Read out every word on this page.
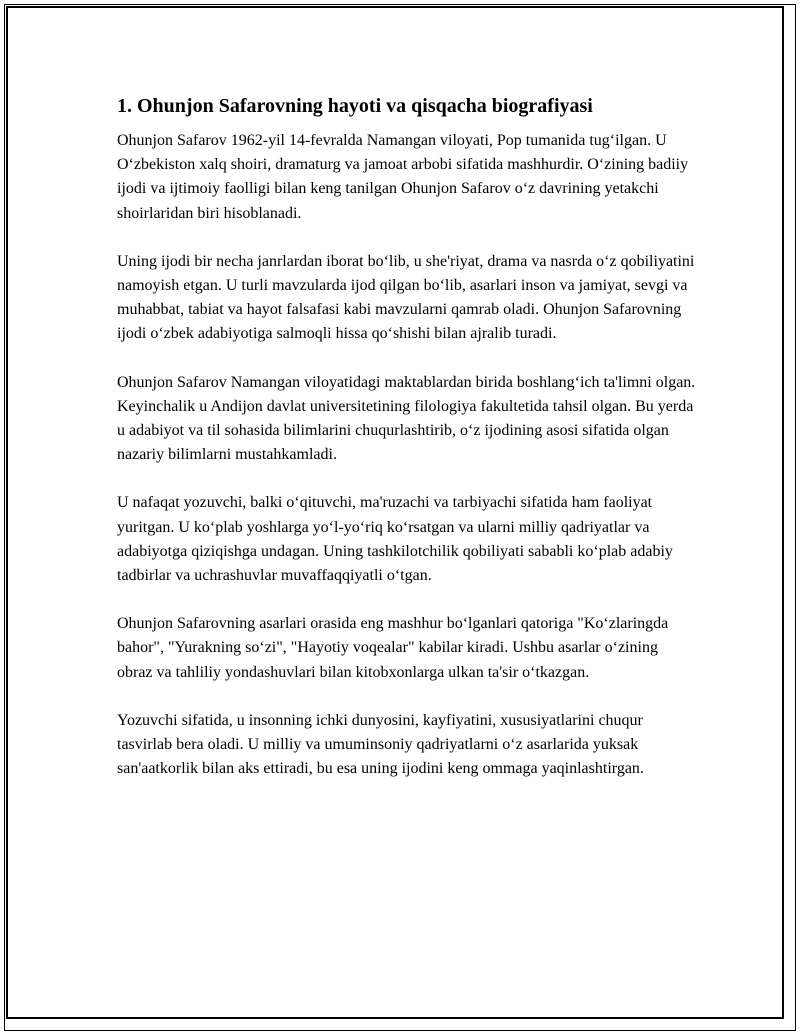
1. Ohunjon Safarovning hayoti va qisqacha biografiyasi

Ohunjon Safarov 1962-yil 14-fevralda Namangan viloyati, Pop tumanida tug‘ilgan. U O‘zbekiston xalq shoiri, dramaturg va jamoat arbobi sifatida mashhurdir. O‘zining badiiy ijodi va ijtimoiy faolligi bilan keng tanilgan Ohunjon Safarov o‘z davrining yetakchi shoirlaridan biri hisoblanadi.

Uning ijodi bir necha janrlardan iborat bo‘lib, u she'riyat, drama va nasrda o‘z qobiliyatini namoyish etgan. U turli mavzularda ijod qilgan bo‘lib, asarlari inson va jamiyat, sevgi va muhabbat, tabiat va hayot falsafasi kabi mavzularni qamrab oladi. Ohunjon Safarovning ijodi o‘zbek adabiyotiga salmoqli hissa qo‘shishi bilan ajralib turadi.

Ohunjon Safarov Namangan viloyatidagi maktablardan birida boshlang‘ich ta'limni olgan. Keyinchalik u Andijon davlat universitetining filologiya fakultetida tahsil olgan. Bu yerda u adabiyot va til sohasida bilimlarini chuqurlashtirib, o‘z ijodining asosi sifatida olgan nazariy bilimlarni mustahkamladi.

U nafaqat yozuvchi, balki o‘qituvchi, ma'ruzachi va tarbiyachi sifatida ham faoliyat yuritgan. U ko‘plab yoshlarga yo‘l-yo‘riq ko‘rsatgan va ularni milliy qadriyatlar va adabiyotga qiziqishga undagan. Uning tashkilotchilik qobiliyati sababli ko‘plab adabiy tadbirlar va uchrashuvlar muvaffaqqiyatli o‘tgan.

Ohunjon Safarovning asarlari orasida eng mashhur bo‘lganlari qatoriga "Ko‘zlaringda bahor", "Yurakning so‘zi", "Hayotiy voqealar" kabilar kiradi. Ushbu asarlar o‘zining obraz va tahliliy yondashuvlari bilan kitobxonlarga ulkan ta'sir o‘tkazgan.

Yozuvchi sifatida, u insonning ichki dunyosini, kayfiyatini, xususiyatlarini chuqur tasvirlab bera oladi. U milliy va umuminsoniy qadriyatlarni o‘z asarlarida yuksak san'aatkorlik bilan aks ettiradi, bu esa uning ijodini keng ommaga yaqinlashtirgan.
